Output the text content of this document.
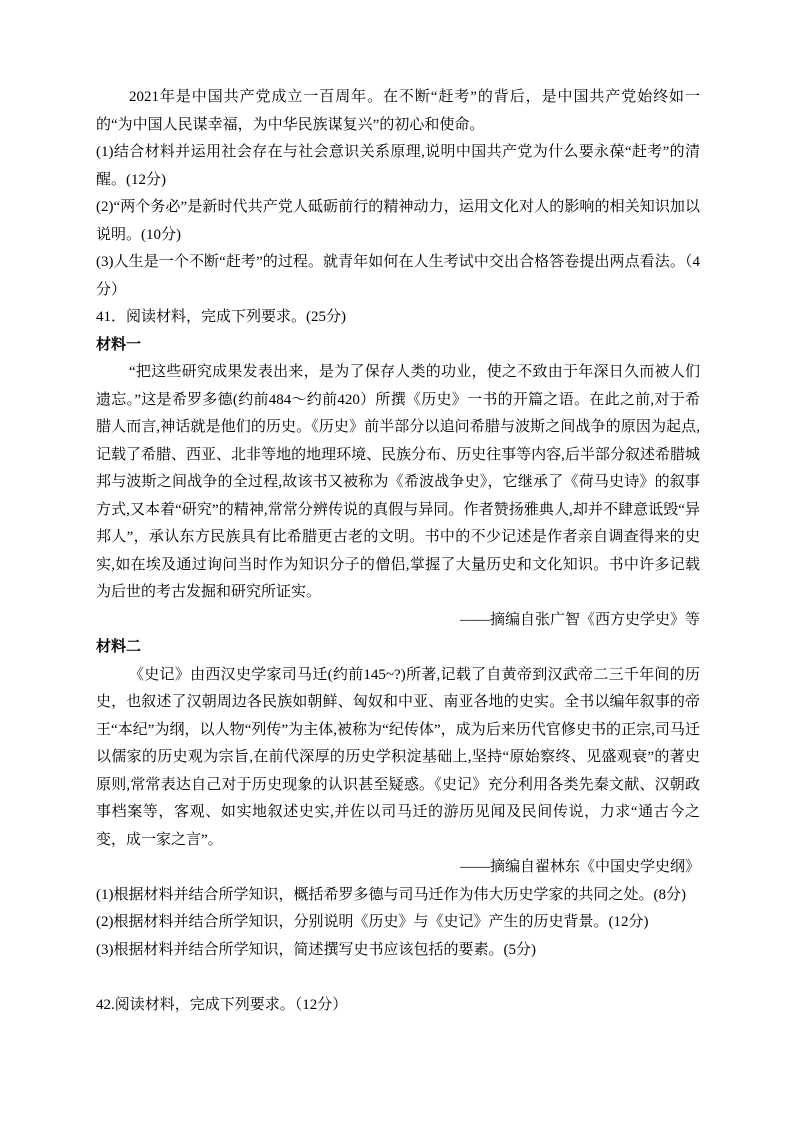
2021年是中国共产党成立一百周年。在不断“赶考”的背后，是中国共产党始终如一的“为中国人民谋幸福，为中华民族谋复兴”的初心和使命。

(1)结合材料并运用社会存在与社会意识关系原理,说明中国共产党为什么要永葆“赶考”的清醒。(12分)

(2)“两个务必”是新时代共产党人砥砺前行的精神动力，运用文化对人的影响的相关知识加以说明。(10分)

(3)人生是一个不断“赶考”的过程。就青年如何在人生考试中交出合格答卷提出两点看法。（4分）

41．阅读材料，完成下列要求。(25分)

材料一

“把这些研究成果发表出来，是为了保存人类的功业，使之不致由于年深日久而被人们遗忘。”这是希罗多德(约前484～约前420）所撰《历史》一书的开篇之语。在此之前,对于希腊人而言,神话就是他们的历史。《历史》前半部分以追问希腊与波斯之间战争的原因为起点,记载了希腊、西亚、北非等地的地理环境、民族分布、历史往事等内容,后半部分叙述希腊城邦与波斯之间战争的全过程,故该书又被称为《希波战争史》，它继承了《荷马史诗》的叙事方式,又本着“研究”的精神,常常分辨传说的真假与异同。作者赞扬雅典人,却并不肆意诋毁“异邦人”，承认东方民族具有比希腊更古老的文明。书中的不少记述是作者亲自调查得来的史实,如在埃及通过询问当时作为知识分子的僧侣,掌握了大量历史和文化知识。书中许多记载为后世的考古发掘和研究所证实。

——摘编自张广智《西方史学史》等

材料二

《史记》由西汉史学家司马迁(约前145~?)所著,记载了自黄帝到汉武帝二三千年间的历史，也叙述了汉朝周边各民族如朝鲜、匈奴和中亚、南亚各地的史实。全书以编年叙事的帝王“本纪”为纲，以人物“列传”为主体,被称为“纪传体”，成为后来历代官修史书的正宗,司马迁以儒家的历史观为宗旨,在前代深厚的历史学积淀基础上,坚持“原始察终、见盛观衰”的著史原则,常常表达自己对于历史现象的认识甚至疑惑。《史记》充分利用各类先秦文献、汉朝政事档案等，客观、如实地叙述史实,并佐以司马迁的游历见闻及民间传说，力求“通古今之变，成一家之言”。

——摘编自翟林东《中国史学史纲》

(1)根据材料并结合所学知识，概括希罗多德与司马迁作为伟大历史学家的共同之处。(8分)

(2)根据材料并结合所学知识，分别说明《历史》与《史记》产生的历史背景。(12分)

(3)根据材料并结合所学知识，简述撰写史书应该包括的要素。(5分)

42.阅读材料，完成下列要求。（12分）
